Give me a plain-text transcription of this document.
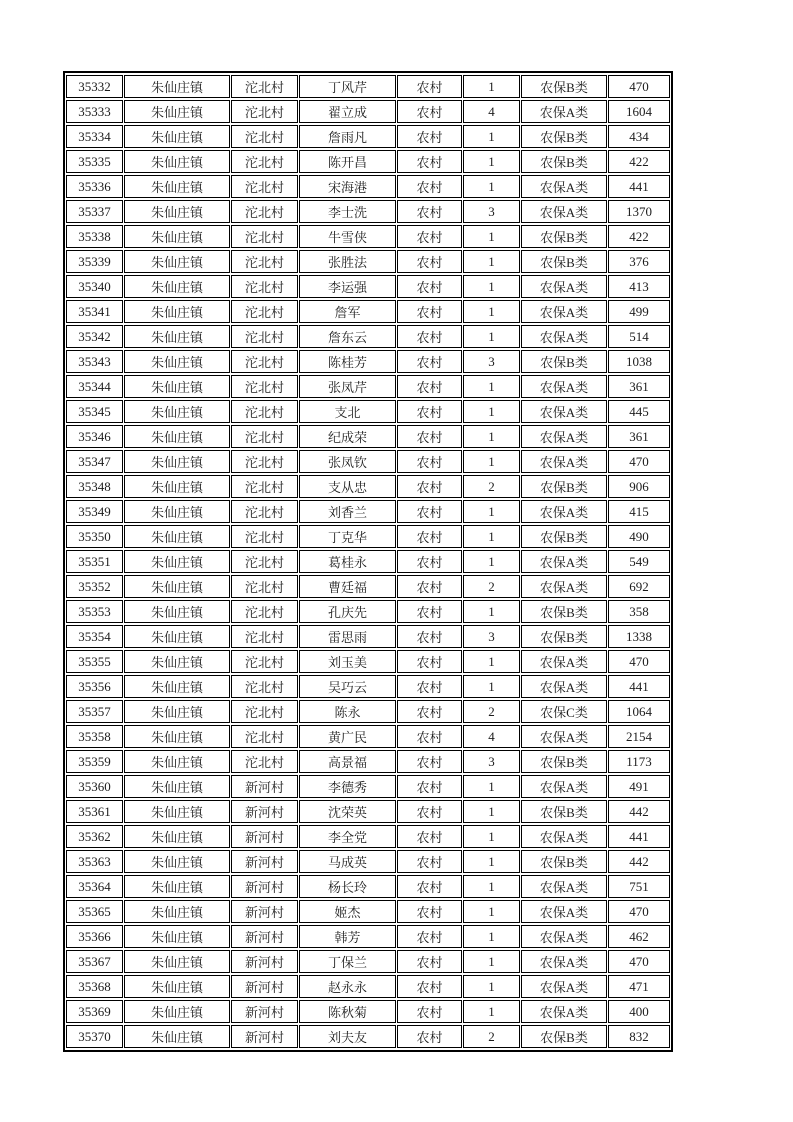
35332	朱仙庄镇	沱北村	丁风芹	农村	1	农保B类	470
35333	朱仙庄镇	沱北村	翟立成	农村	4	农保A类	1604
35334	朱仙庄镇	沱北村	詹雨凡	农村	1	农保B类	434
35335	朱仙庄镇	沱北村	陈开昌	农村	1	农保B类	422
35336	朱仙庄镇	沱北村	宋海港	农村	1	农保A类	441
35337	朱仙庄镇	沱北村	李士洗	农村	3	农保A类	1370
35338	朱仙庄镇	沱北村	牛雪侠	农村	1	农保B类	422
35339	朱仙庄镇	沱北村	张胜法	农村	1	农保B类	376
35340	朱仙庄镇	沱北村	李运强	农村	1	农保A类	413
35341	朱仙庄镇	沱北村	詹军	农村	1	农保A类	499
35342	朱仙庄镇	沱北村	詹东云	农村	1	农保A类	514
35343	朱仙庄镇	沱北村	陈桂芳	农村	3	农保B类	1038
35344	朱仙庄镇	沱北村	张凤芹	农村	1	农保A类	361
35345	朱仙庄镇	沱北村	支北	农村	1	农保A类	445
35346	朱仙庄镇	沱北村	纪成荣	农村	1	农保A类	361
35347	朱仙庄镇	沱北村	张凤钦	农村	1	农保A类	470
35348	朱仙庄镇	沱北村	支从忠	农村	2	农保B类	906
35349	朱仙庄镇	沱北村	刘香兰	农村	1	农保A类	415
35350	朱仙庄镇	沱北村	丁克华	农村	1	农保B类	490
35351	朱仙庄镇	沱北村	葛桂永	农村	1	农保A类	549
35352	朱仙庄镇	沱北村	曹廷福	农村	2	农保A类	692
35353	朱仙庄镇	沱北村	孔庆先	农村	1	农保B类	358
35354	朱仙庄镇	沱北村	雷思雨	农村	3	农保B类	1338
35355	朱仙庄镇	沱北村	刘玉美	农村	1	农保A类	470
35356	朱仙庄镇	沱北村	吴巧云	农村	1	农保A类	441
35357	朱仙庄镇	沱北村	陈永	农村	2	农保C类	1064
35358	朱仙庄镇	沱北村	黄广民	农村	4	农保A类	2154
35359	朱仙庄镇	沱北村	高景福	农村	3	农保B类	1173
35360	朱仙庄镇	新河村	李德秀	农村	1	农保A类	491
35361	朱仙庄镇	新河村	沈荣英	农村	1	农保B类	442
35362	朱仙庄镇	新河村	李全党	农村	1	农保A类	441
35363	朱仙庄镇	新河村	马成英	农村	1	农保B类	442
35364	朱仙庄镇	新河村	杨长玲	农村	1	农保A类	751
35365	朱仙庄镇	新河村	姬杰	农村	1	农保A类	470
35366	朱仙庄镇	新河村	韩芳	农村	1	农保A类	462
35367	朱仙庄镇	新河村	丁保兰	农村	1	农保A类	470
35368	朱仙庄镇	新河村	赵永永	农村	1	农保A类	471
35369	朱仙庄镇	新河村	陈秋菊	农村	1	农保A类	400
35370	朱仙庄镇	新河村	刘夫友	农村	2	农保B类	832
